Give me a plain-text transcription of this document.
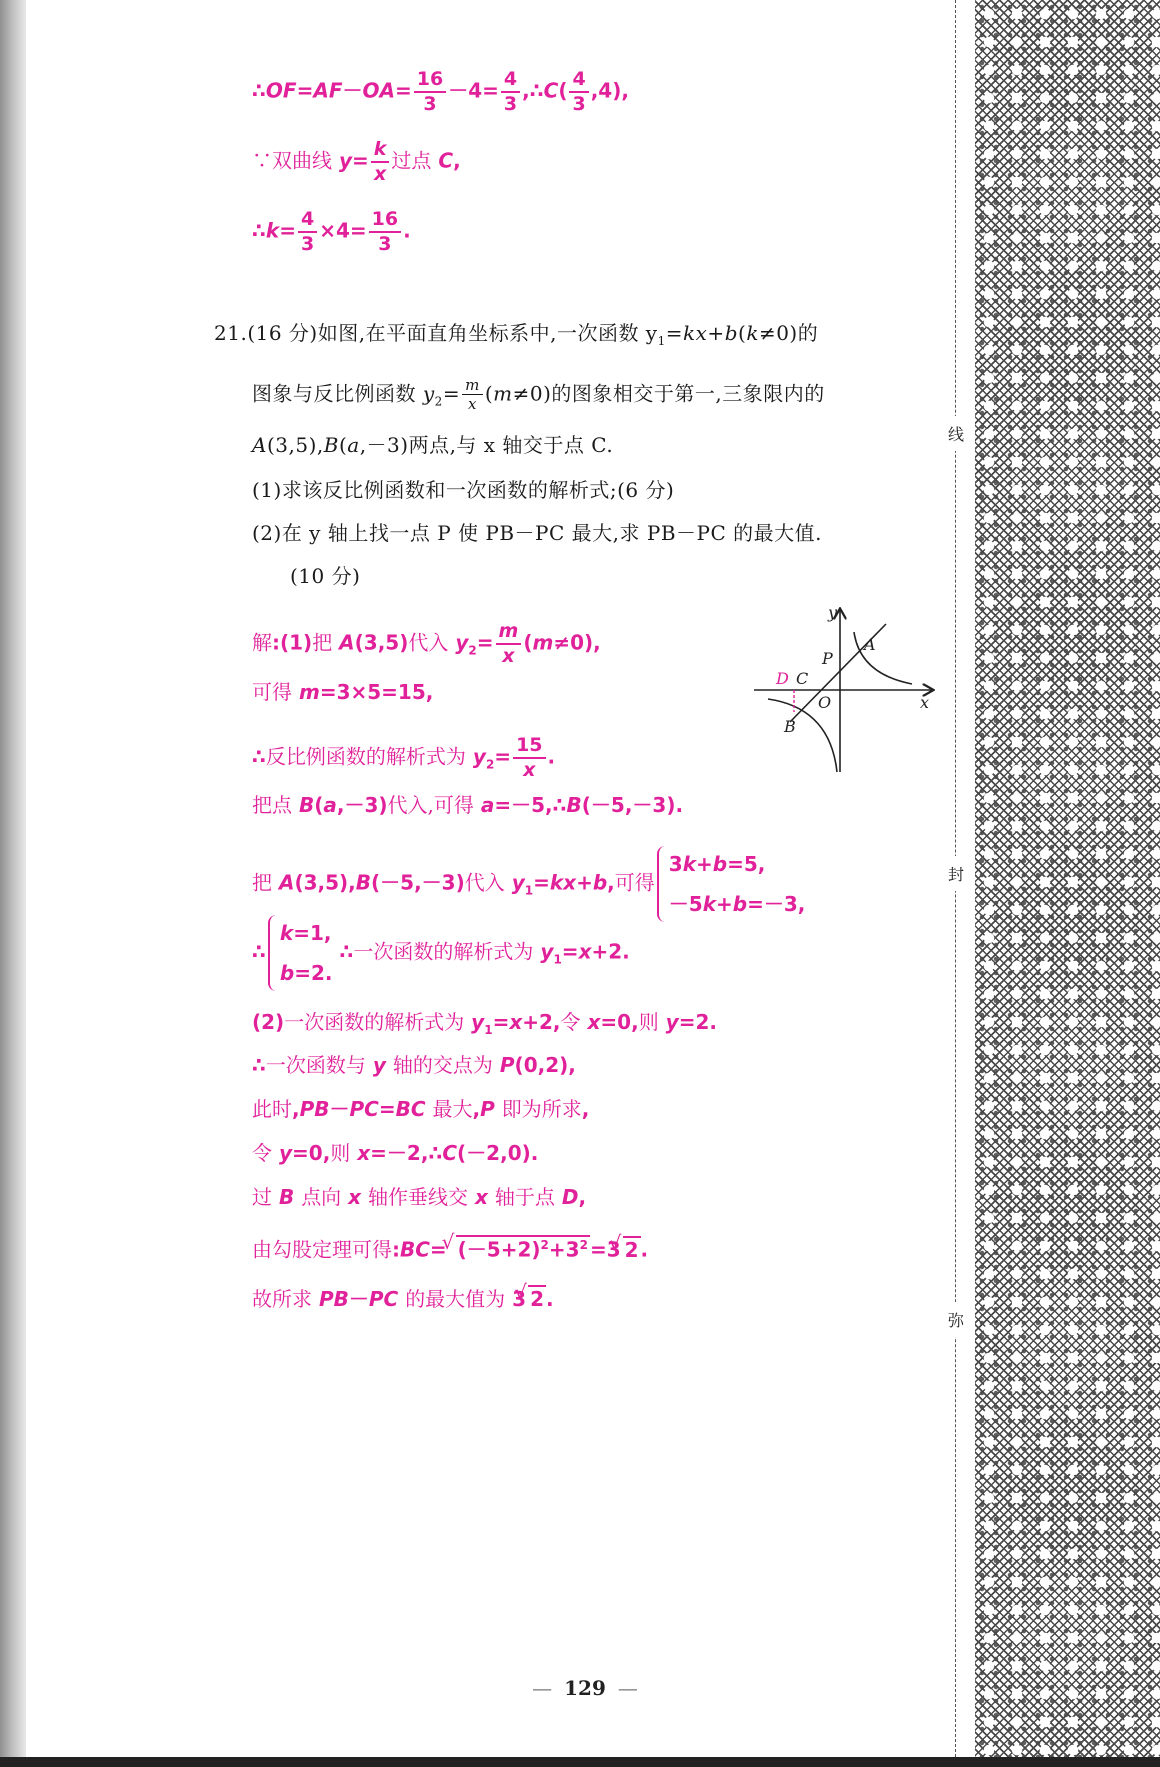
线
封
弥
∴OF=AF－OA= $\frac{16}{3} -4= \frac{4}{3}$ ,∴C( $\frac{4}{3} ,4$),
∵双曲线 $y= \frac{k}{x}$ 过点 C,
∴k= $\frac{4}{3} \times 4= \frac{16}{3}$ .
21.(16 分)如图,在平面直角坐标系中,一次函数 $y_1=kx+b(k\ne 0)$的
图象与反比例函数 $y_2= \frac{m}{x} (m\ne 0)$的图象相交于第一,三象限内的
A(3,5),B(a,－3)两点,与 x 轴交于点 C.
(1)求该反比例函数和一次函数的解析式;(6 分)
(2)在 y 轴上找一点 P 使 PB－PC 最大,求 PB－PC 的最大值.
(10 分)
y
x
O
A
P
D C
B
解:(1)把 A(3,5)代入 $y_2= \frac{m}{x} (m\ne 0)$,
可得 m=3×5=15,
∴反比例函数的解析式为 $y_2= \frac{15}{x}$ .
把点 B(a,－3)代入,可得 a=－5,∴B(－5,－3).
把 A(3,5),B(－5,－3)代入 $y_1=kx+b$,可得
3k+b=5,
－5k+b=－3,
∴
k=1,
b=2.
∴一次函数的解析式为 $y_1=x+2$.
(2)一次函数的解析式为 $y_1=x+2$,令 x=0,则 y=2.
∴一次函数与 y 轴的交点为 P(0,2),
此时,PB－PC=BC 最大,P 即为所求,
令 y=0,则 x=－2,∴C(－2,0).
过 B 点向 x 轴作垂线交 x 轴于点 D,
由勾股定理可得:BC= √ $(-5+2)^2+3^2 =3√$ 2 .
故所求 PB－PC 的最大值为 3√ 2 .
— 129 —
